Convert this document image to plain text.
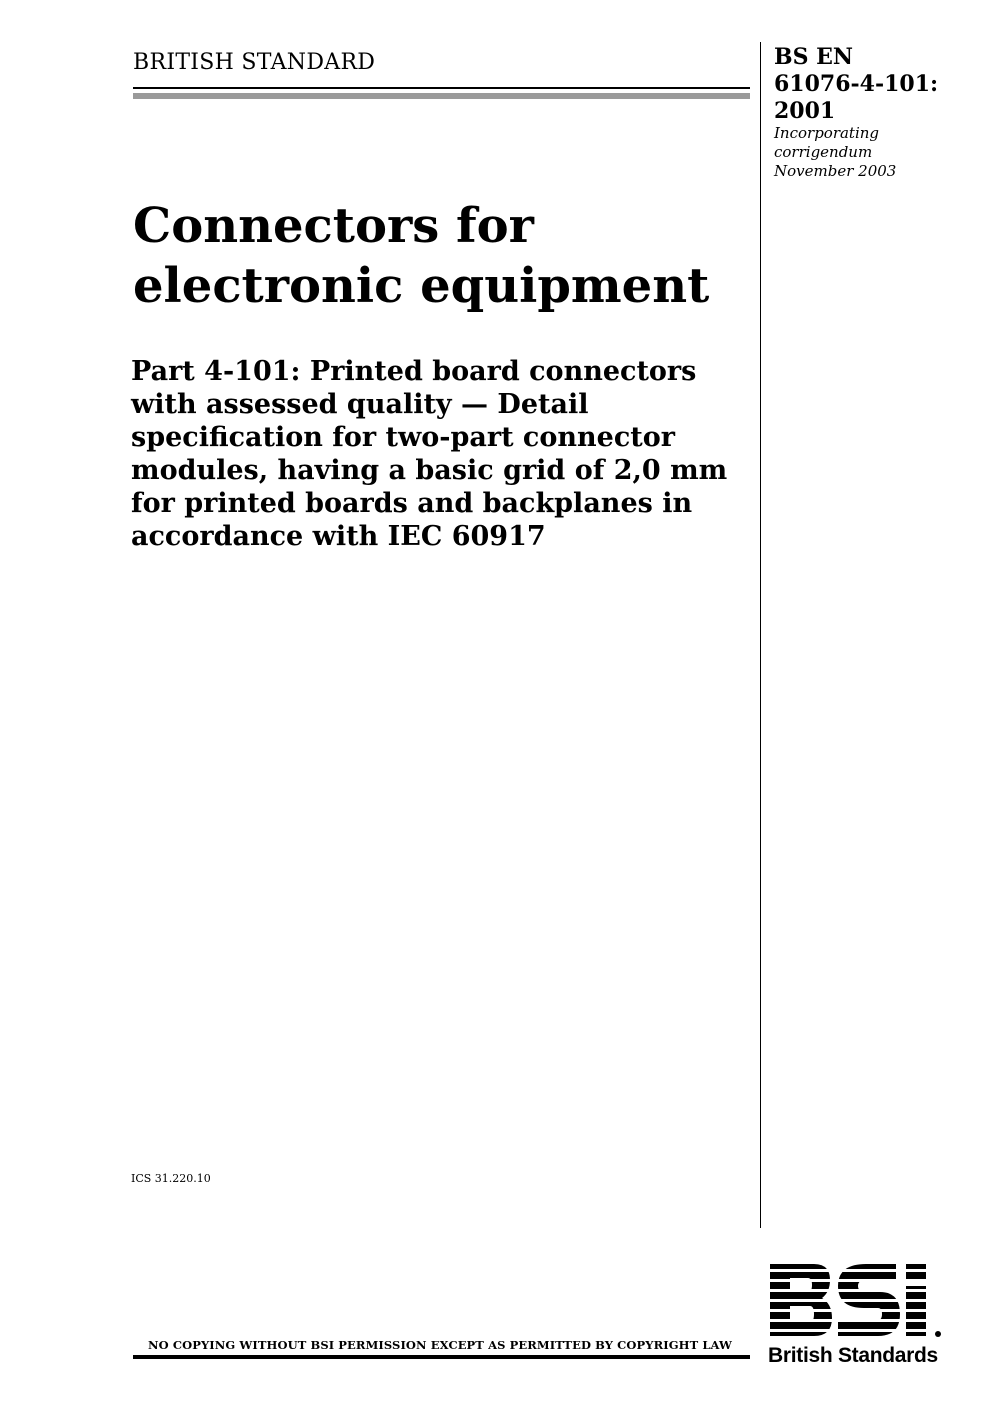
BRITISH STANDARD	BS EN
61076-4-101:
2001
Incorporating
corrigendum
November 2003
Connectors for
electronic equipment
Part 4-101: Printed board connectors
with assessed quality — Detail
specification for two-part connector
modules, having a basic grid of 2,0 mm
for printed boards and backplanes in
accordance with IEC 60917
ICS 31.220.10
NO COPYING WITHOUT BSI PERMISSION EXCEPT AS PERMITTED BY COPYRIGHT LAW British Standards
